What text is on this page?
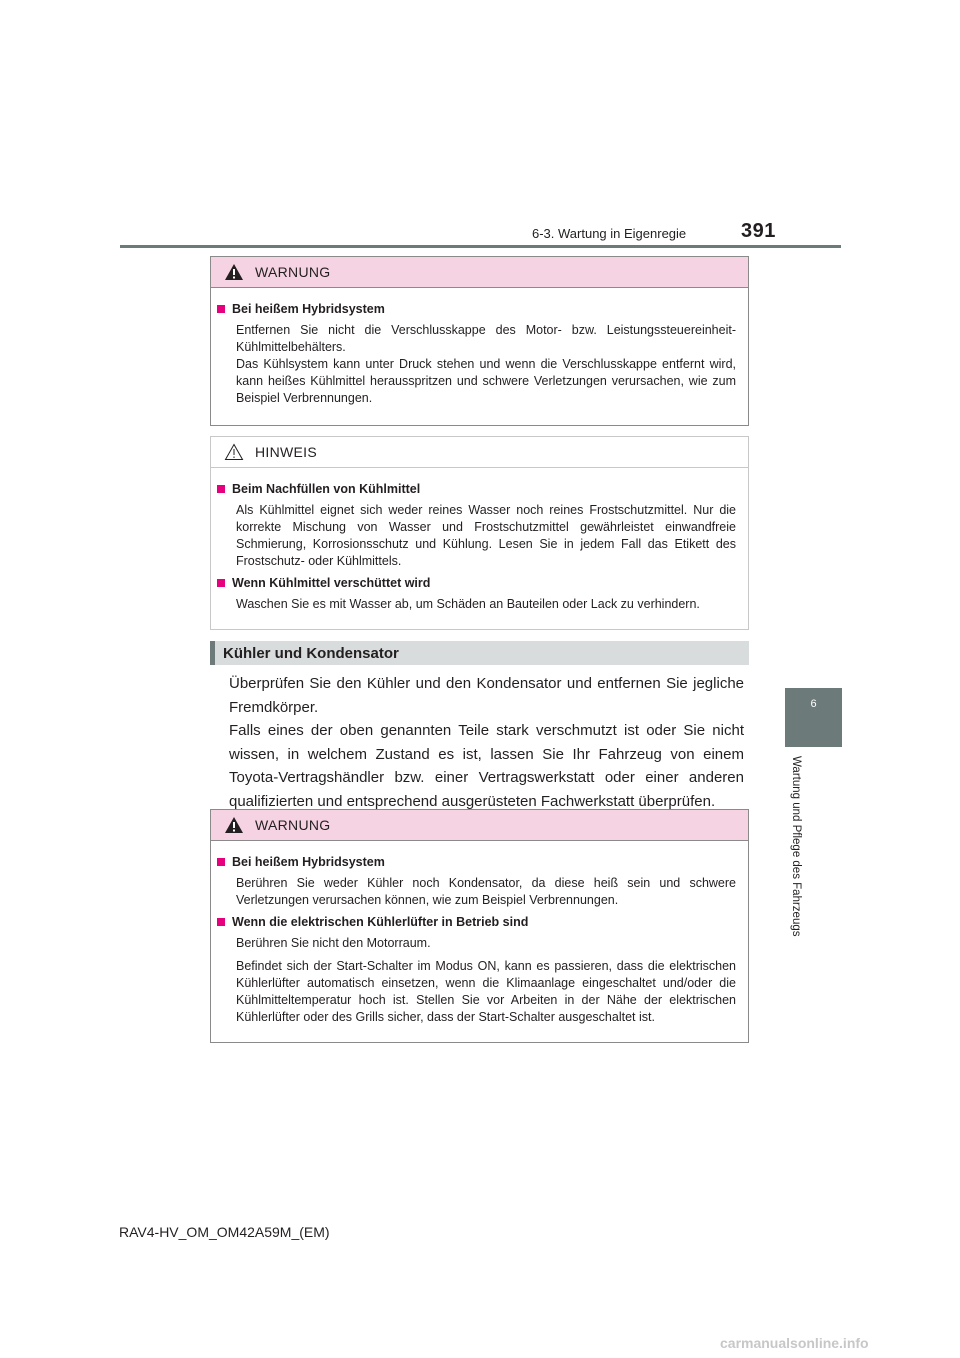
6-3. Wartung in Eigenregie	391
6
Wartung und Pflege des Fahrzeugs
WARNUNG
Bei heißem Hybridsystem

Entfernen Sie nicht die Verschlusskappe des Motor- bzw. Leistungssteuereinheit-Kühlmittelbehälters.

Das Kühlsystem kann unter Druck stehen und wenn die Verschlusskappe entfernt wird, kann heißes Kühlmittel herausspritzen und schwere Verletzungen verursachen, wie zum Beispiel Verbrennungen.

HINWEIS
Beim Nachfüllen von Kühlmittel

Als Kühlmittel eignet sich weder reines Wasser noch reines Frostschutzmittel. Nur die korrekte Mischung von Wasser und Frostschutzmittel gewährleistet einwandfreie Schmierung, Korrosionsschutz und Kühlung. Lesen Sie in jedem Fall das Etikett des Frostschutz- oder Kühlmittels.

Wenn Kühlmittel verschüttet wird

Waschen Sie es mit Wasser ab, um Schäden an Bauteilen oder Lack zu verhindern.

Kühler und Kondensator

Überprüfen Sie den Kühler und den Kondensator und entfernen Sie jegliche Fremdkörper.

Falls eines der oben genannten Teile stark verschmutzt ist oder Sie nicht wissen, in welchem Zustand es ist, lassen Sie Ihr Fahrzeug von einem Toyota-Vertragshändler bzw. einer Vertragswerkstatt oder einer anderen qualifizierten und entsprechend ausgerüsteten Fachwerkstatt überprüfen.

WARNUNG
Bei heißem Hybridsystem

Berühren Sie weder Kühler noch Kondensator, da diese heiß sein und schwere Verletzungen verursachen können, wie zum Beispiel Verbrennungen.

Wenn die elektrischen Kühlerlüfter in Betrieb sind

Berühren Sie nicht den Motorraum.

Befindet sich der Start-Schalter im Modus ON, kann es passieren, dass die elektrischen Kühlerlüfter automatisch einsetzen, wenn die Klimaanlage eingeschaltet und/oder die Kühlmitteltemperatur hoch ist. Stellen Sie vor Arbeiten in der Nähe der elektrischen Kühlerlüfter oder des Grills sicher, dass der Start-Schalter ausgeschaltet ist.

RAV4-HV_OM_OM42A59M_(EM)
carmanualsonline.info
